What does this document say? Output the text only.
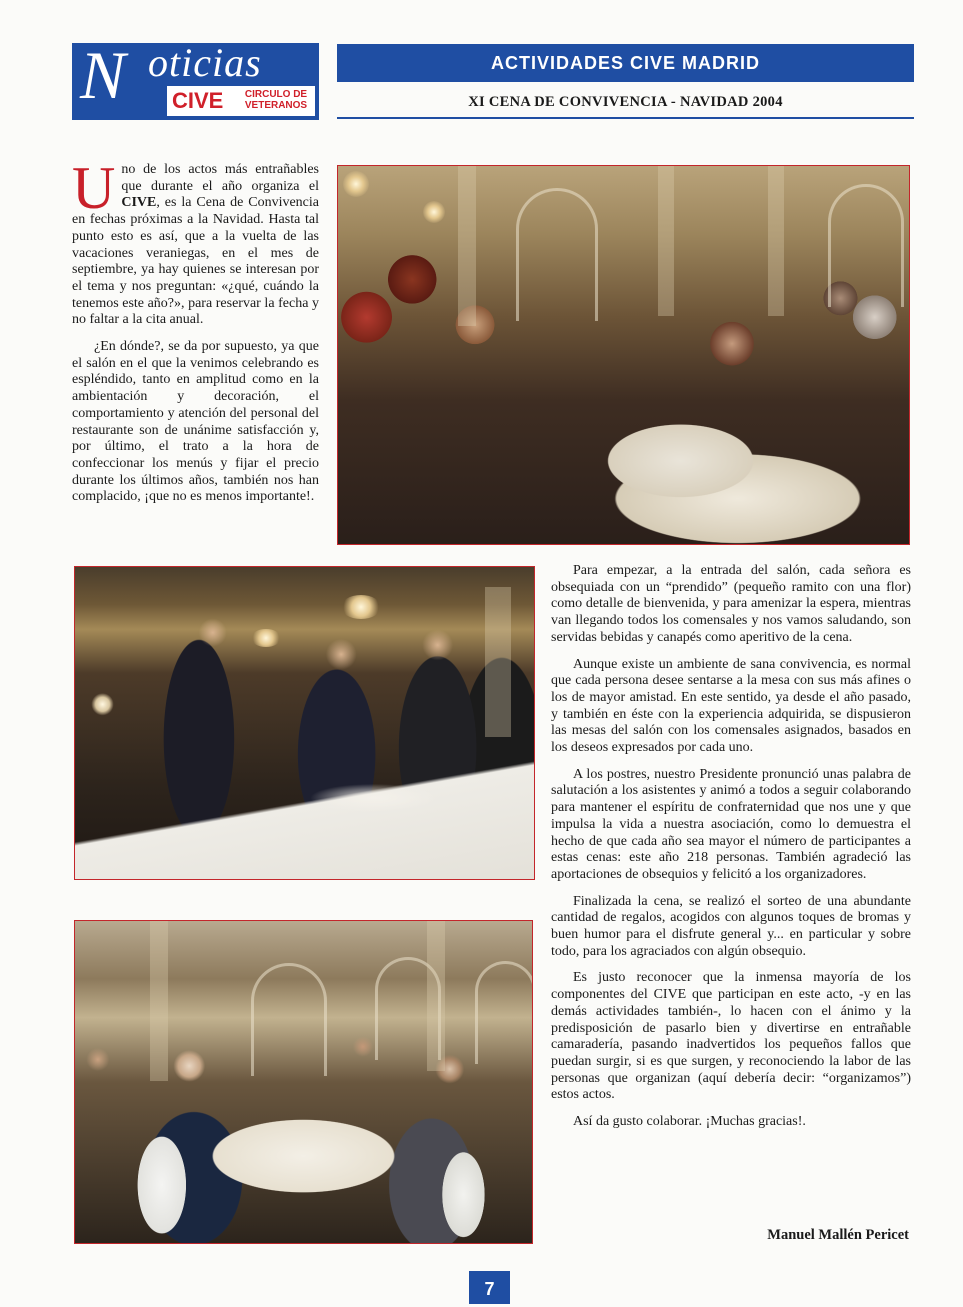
N oticias
CIVE	CIRCULO DE
VETERANOS
ACTIVIDADES CIVE MADRID
XI CENA DE CONVIVENCIA - NAVIDAD 2004

Uno de los actos más entrañables que durante el año organiza el CIVE, es la Cena de Convivencia en fechas próximas a la Navidad. Hasta tal punto esto es así, que a la vuelta de las vacaciones veraniegas, en el mes de septiembre, ya hay quienes se interesan por el tema y nos preguntan: «¿qué, cuándo la tenemos este año?», para reservar la fecha y no faltar a la cita anual.

¿En dónde?, se da por supuesto, ya que el salón en el que la venimos celebrando es espléndido, tanto en amplitud como en la ambientación y decoración, el comportamiento y atención del personal del restaurante son de unánime satisfacción y, por último, el trato a la hora de confeccionar los menús y fijar el precio durante los últimos años, también nos han complacido, ¡que no es menos importante!.

Para empezar, a la entrada del salón, cada señora es obsequiada con un “prendido” (pequeño ramito con una flor) como detalle de bienvenida, y para amenizar la espera, mientras van llegando todos los comensales y nos vamos saludando, son servidas bebidas y canapés como aperitivo de la cena.

Aunque existe un ambiente de sana convivencia, es normal que cada persona desee sentarse a la mesa con sus más afines o los de mayor amistad. En este sentido, ya desde el año pasado, y también en éste con la experiencia adquirida, se dispusieron las mesas del salón con los comensales asignados, basados en los deseos expresados por cada uno.

A los postres, nuestro Presidente pronunció unas palabra de salutación a los asistentes y animó a todos a seguir colaborando para mantener el espíritu de confraternidad que nos une y que impulsa la vida a nuestra asociación, como lo demuestra el hecho de que cada año sea mayor el número de participantes a estas cenas: este año 218 personas. También agradeció las aportaciones de obsequios y felicitó a los organizadores.

Finalizada la cena, se realizó el sorteo de una abundante cantidad de regalos, acogidos con algunos toques de bromas y buen humor para el disfrute general y... en particular y sobre todo, para los agraciados con algún obsequio.

Es justo reconocer que la inmensa mayoría de los componentes del CIVE que participan en este acto, -y en las demás actividades también-, lo hacen con el ánimo y la predisposición de pasarlo bien y divertirse en entrañable camaradería, pasando inadvertidos los pequeños fallos que puedan surgir, si es que surgen, y reconociendo la labor de las personas que organizan (aquí debería decir: “organizamos”) estos actos.

Así da gusto colaborar. ¡Muchas gracias!.

Manuel Mallén Pericet
7
